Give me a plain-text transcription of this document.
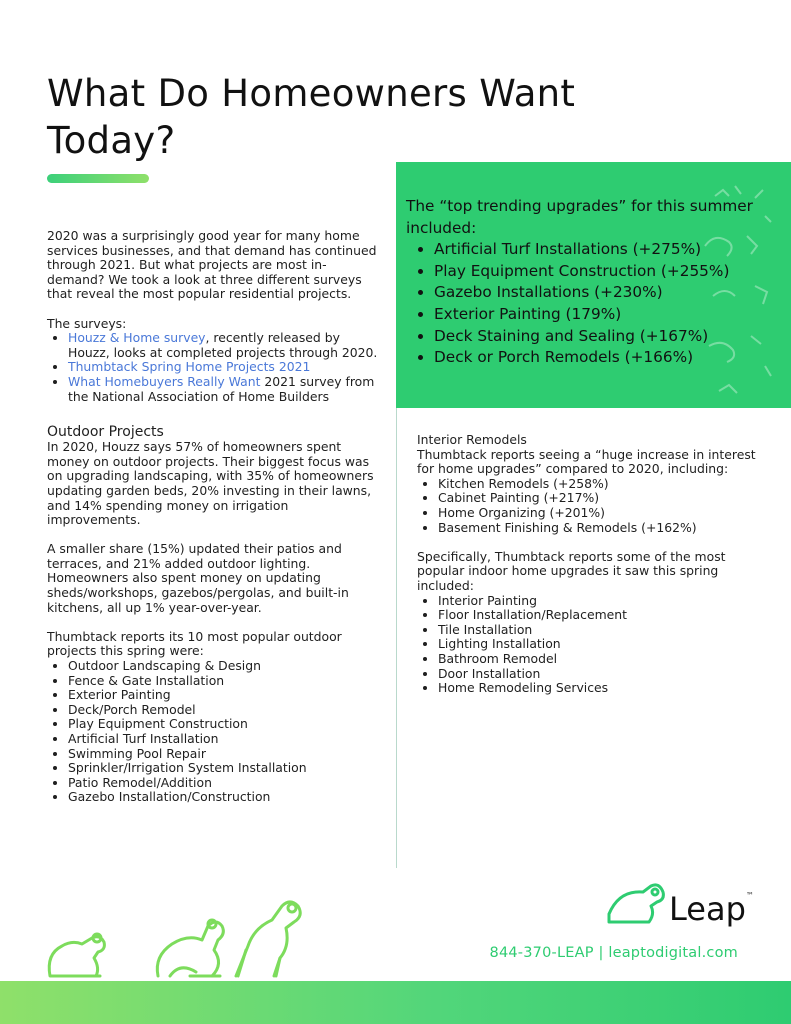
What Do Homeowners Want Today?

2020 was a surprisingly good year for many home services businesses, and that demand has continued through 2021. But what projects are most in-demand? We took a look at three different surveys that reveal the most popular residential projects.

The surveys:

• Houzz & Home survey, recently released by Houzz, looks at completed projects through 2020.
• Thumbtack Spring Home Projects 2021
• What Homebuyers Really Want 2021 survey from the National Association of Home Builders

Outdoor Projects

In 2020, Houzz says 57% of homeowners spent money on outdoor projects. Their biggest focus was on upgrading landscaping, with 35% of homeowners updating garden beds, 20% investing in their lawns, and 14% spending money on irrigation improvements.

A smaller share (15%) updated their patios and terraces, and 21% added outdoor lighting. Homeowners also spent money on updating sheds/workshops, gazebos/pergolas, and built-in kitchens, all up 1% year-over-year.

Thumbtack reports its 10 most popular outdoor projects this spring were:

• Outdoor Landscaping & Design
• Fence & Gate Installation
• Exterior Painting
• Deck/Porch Remodel
• Play Equipment Construction
• Artificial Turf Installation
• Swimming Pool Repair
• Sprinkler/Irrigation System Installation
• Patio Remodel/Addition
• Gazebo Installation/Construction

The “top trending upgrades” for this summer included:

• Artificial Turf Installations (+275%)
• Play Equipment Construction (+255%)
• Gazebo Installations (+230%)
• Exterior Painting (179%)
• Deck Staining and Sealing (+167%)
• Deck or Porch Remodels (+166%)

Interior Remodels

Thumbtack reports seeing a “huge increase in interest for home upgrades” compared to 2020, including:

• Kitchen Remodels (+258%)
• Cabinet Painting (+217%)
• Home Organizing (+201%)
• Basement Finishing & Remodels (+162%)

Specifically, Thumbtack reports some of the most popular indoor home upgrades it saw this spring included:

• Interior Painting
• Floor Installation/Replacement
• Tile Installation
• Lighting Installation
• Bathroom Remodel
• Door Installation
• Home Remodeling Services
Leap ™
844-370-LEAP | leaptodigital.com
